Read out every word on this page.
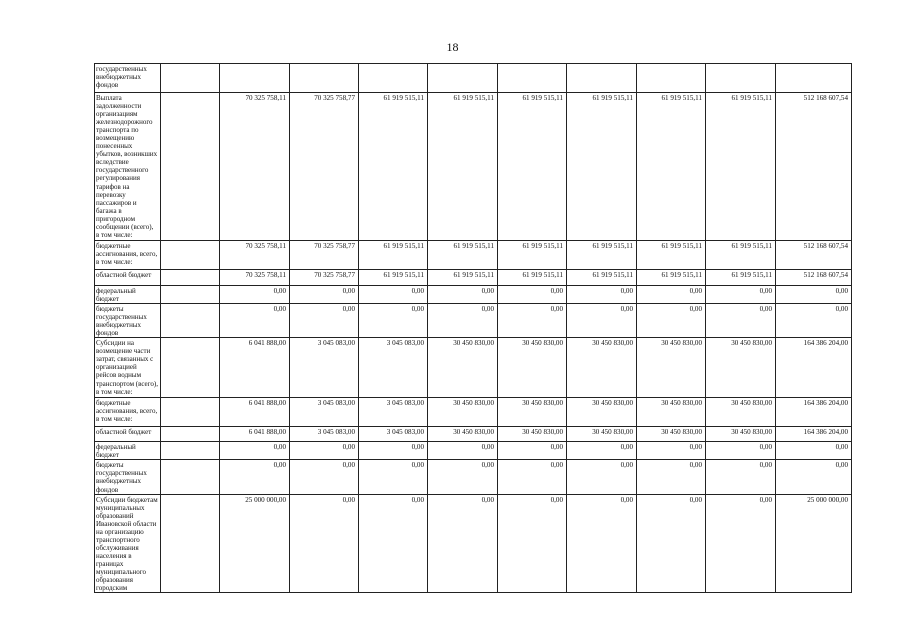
18
государственных внебюджетных фондов										
Выплата задолженности организациям железнодорожного транспорта по возмещению понесенных убытков, возникших вследствие государственного регулирования тарифов на перевозку пассажиров и багажа в пригородном сообщении (всего), в том числе:		70 325 758,11	70 325 758,77	61 919 515,11	61 919 515,11	61 919 515,11	61 919 515,11	61 919 515,11	61 919 515,11	512 168 607,54
бюджетные ассигнования, всего, в том числе:		70 325 758,11	70 325 758,77	61 919 515,11	61 919 515,11	61 919 515,11	61 919 515,11	61 919 515,11	61 919 515,11	512 168 607,54
областной бюджет		70 325 758,11	70 325 758,77	61 919 515,11	61 919 515,11	61 919 515,11	61 919 515,11	61 919 515,11	61 919 515,11	512 168 607,54
федеральный бюджет		0,00	0,00	0,00	0,00	0,00	0,00	0,00	0,00	0,00
бюджеты государственных внебюджетных фондов		0,00	0,00	0,00	0,00	0,00	0,00	0,00	0,00	0,00
Субсидии на возмещение части затрат, связанных с организацией рейсов водным транспортом (всего), в том числе:		6 041 888,00	3 045 083,00	3 045 083,00	30 450 830,00	30 450 830,00	30 450 830,00	30 450 830,00	30 450 830,00	164 386 204,00
бюджетные ассигнования, всего, в том числе:		6 041 888,00	3 045 083,00	3 045 083,00	30 450 830,00	30 450 830,00	30 450 830,00	30 450 830,00	30 450 830,00	164 386 204,00
областной бюджет		6 041 888,00	3 045 083,00	3 045 083,00	30 450 830,00	30 450 830,00	30 450 830,00	30 450 830,00	30 450 830,00	164 386 204,00
федеральный бюджет		0,00	0,00	0,00	0,00	0,00	0,00	0,00	0,00	0,00
бюджеты государственных внебюджетных фондов		0,00	0,00	0,00	0,00	0,00	0,00	0,00	0,00	0,00
Субсидии бюджетам муниципальных образований Ивановской области на организацию транспортного обслуживания населения в границах муниципального образования городским		25 000 000,00	0,00	0,00	0,00	0,00	0,00	0,00	0,00	25 000 000,00
